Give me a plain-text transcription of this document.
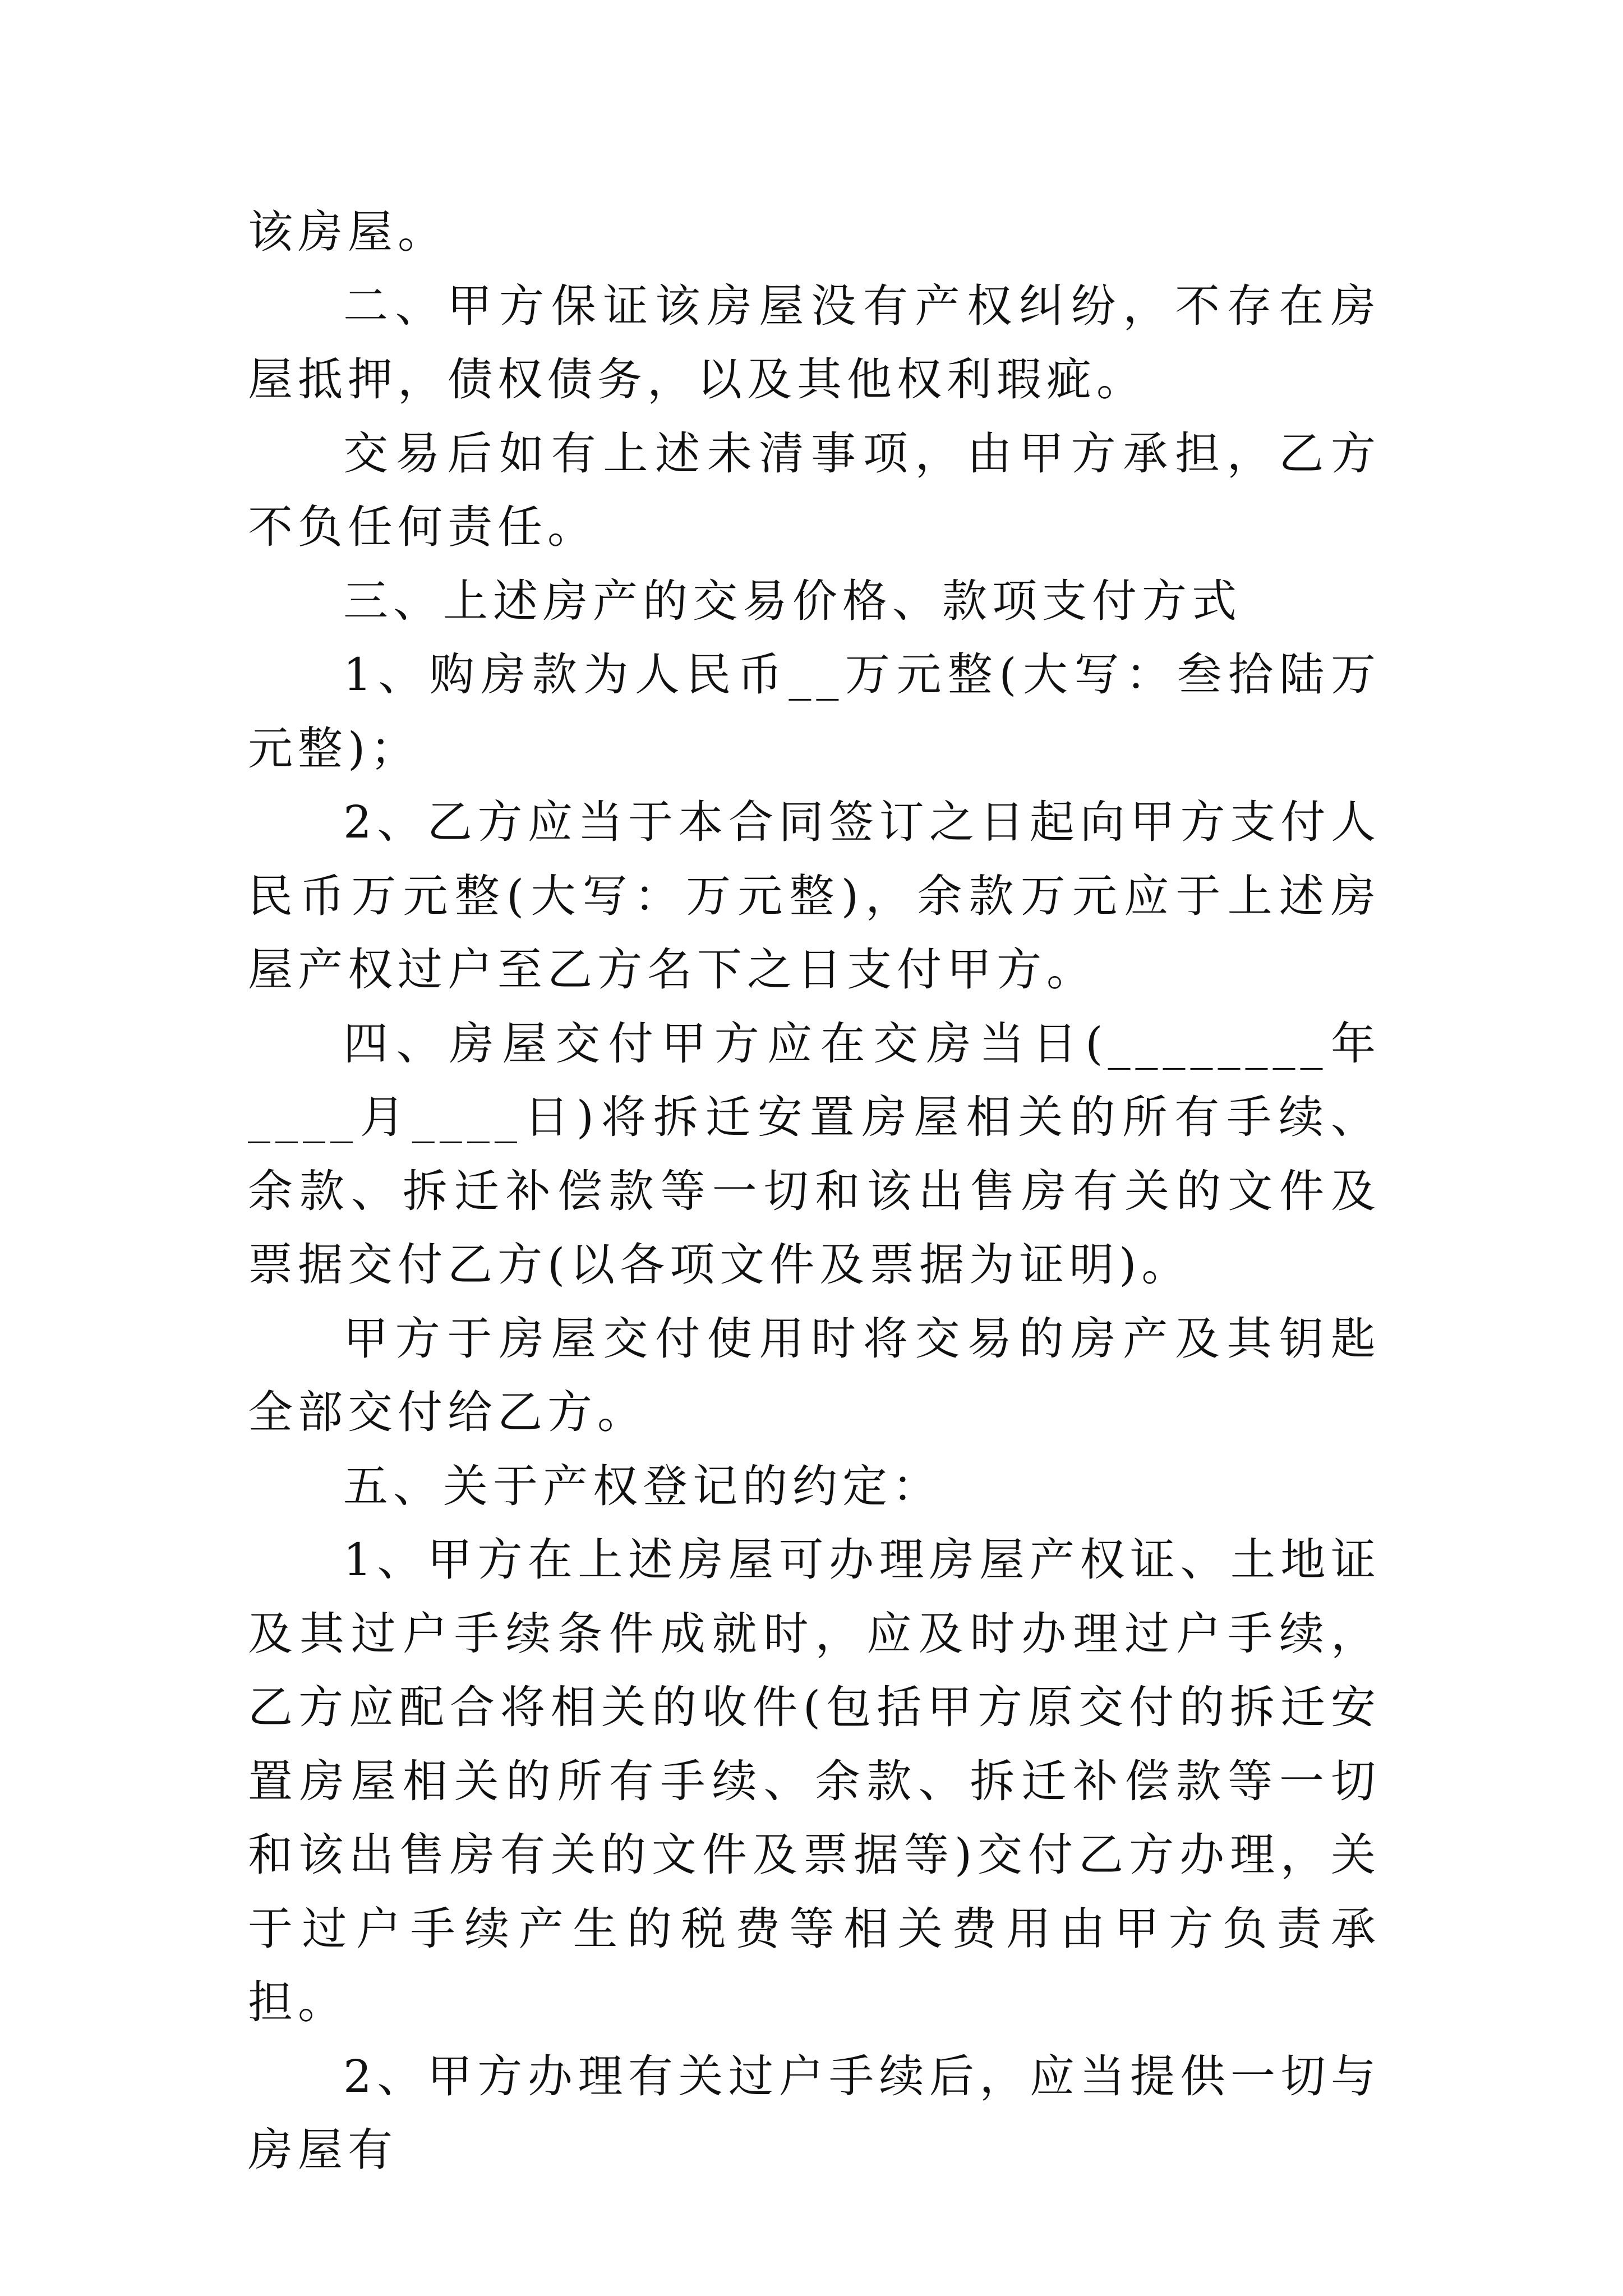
该房屋。

二、甲方保证该房屋没有产权纠纷，不存在房屋抵押，债权债务，以及其他权利瑕疵。

交易后如有上述未清事项，由甲方承担，乙方不负任何责任。

三、上述房产的交易价格、款项支付方式

1、购房款为人民币__万元整(大写：叁拾陆万元整)；

2、乙方应当于本合同签订之日起向甲方支付人民币万元整(大写：万元整)，余款万元应于上述房屋产权过户至乙方名下之日支付甲方。

四、房屋交付甲方应在交房当日(________年____月____日)将拆迁安置房屋相关的所有手续、余款、拆迁补偿款等一切和该出售房有关的文件及票据交付乙方(以各项文件及票据为证明)。

甲方于房屋交付使用时将交易的房产及其钥匙全部交付给乙方。

五、关于产权登记的约定：

1、甲方在上述房屋可办理房屋产权证、土地证及其过户手续条件成就时，应及时办理过户手续，乙方应配合将相关的收件(包括甲方原交付的拆迁安置房屋相关的所有手续、余款、拆迁补偿款等一切和该出售房有关的文件及票据等)交付乙方办理，关于过户手续产生的税费等相关费用由甲方负责承担。

2、甲方办理有关过户手续后，应当提供一切与房屋有
